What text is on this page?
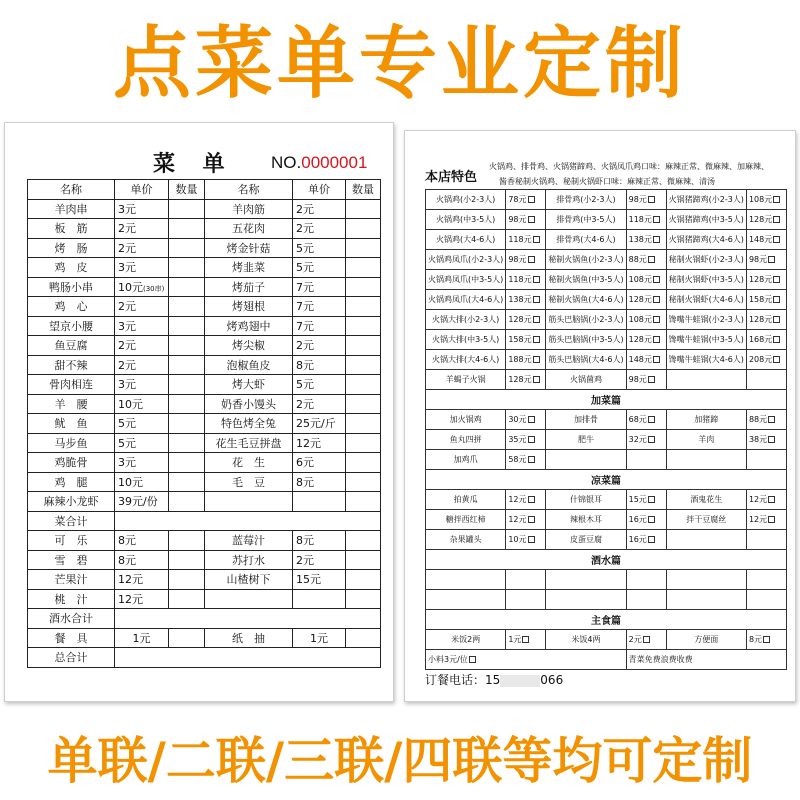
点菜单专业定制
菜 单 NO.0000001
名称	单价	数量	名称	单价	数量
羊肉串	3元		羊肉筋	2元	
板　筋	2元		五花肉	2元	
烤　肠	2元		烤金针菇	5元	
鸡　皮	3元		烤韭菜	5元	
鸭肠小串	10元(30串)		烤茄子	7元	
鸡　心	2元		烤翅根	7元	
望京小腰	3元		烤鸡翅中	7元	
鱼豆腐	2元		烤尖椒	2元	
甜不辣	2元		泡椒鱼皮	8元	
骨肉相连	3元		烤大虾	5元	
羊　腰	10元		奶香小馒头	2元	
鱿　鱼	5元		特色烤全兔	25元/斤	
马步鱼	5元		花生毛豆拼盘	12元	
鸡脆骨	3元		花　生	6元	
鸡　腿	10元		毛　豆	8元	
麻辣小龙虾	39元/份				
菜合计					
可　乐	8元		蓝莓汁	8元	
雪　碧	8元		苏打水	2元	
芒果汁	12元		山楂树下	15元	
桃　汁	12元				
酒水合计					
餐　具	1元		纸　抽	1元	
总合计					
本店特色
火锅鸡、排骨鸡、火锅猪蹄鸡、火锅凤爪鸡口味：麻辣正常、微麻辣、加麻辣、
酱香秘制火锅鸡、秘制火锅虾口味：麻辣正常、微麻辣、清汤
火锅鸡(小2-3人)	78元	排骨鸡(小2-3人)	98元	火锅猪蹄鸡(小2-3人)	108元
火锅鸡(中3-5人)	98元	排骨鸡(中3-5人)	118元	火锅猪蹄鸡(中3-5人)	128元
火锅鸡(大4-6人)	118元	排骨鸡(大4-6人)	138元	火锅猪蹄鸡(大4-6人)	148元
火锅鸡凤爪(小2-3人)	98元	秘制火锅鱼(小2-3人)	88元	秘制火锅虾(小2-3人)	98元
火锅鸡凤爪(中3-5人)	118元	秘制火锅鱼(中3-5人)	108元	秘制火锅虾(中3-5人)	128元
火锅鸡凤爪(大4-6人)	138元	秘制火锅鱼(大4-6人)	128元	秘制火锅虾(大4-6人)	158元
火锅大排(小2-3人)	128元	筋头巴脑锅(小2-3人)	108元	馋嘴牛蛙锅(小2-3人)	128元
火锅大排(中3-5人)	158元	筋头巴脑锅(中3-5人)	128元	馋嘴牛蛙锅(中3-5人)	168元
火锅大排(大4-6人)	188元	筋头巴脑锅(大4-6人)	148元	馋嘴牛蛙锅(大4-6人)	208元
羊蝎子火锅	128元	火锅菌鸡	98元		
加菜篇					
加火锅鸡	30元	加排骨	68元	加猪蹄	88元
鱼丸四拼	35元	肥牛	32元	羊肉	38元
加鸡爪	58元				
凉菜篇					
拍黄瓜	12元	什锦银耳	15元	酒鬼花生	12元
糖拌西红柿	12元	辣根木耳	16元	拌干豆腐丝	12元
杂果罐头	10元	皮蛋豆腐	16元		
酒水篇					

主食篇					
米饭2两	1元	米饭4两	2元	方便面	8元
小料3元/位			青菜免费浪费收费		
订餐电话：15	066
单联/二联/三联/四联等均可定制
